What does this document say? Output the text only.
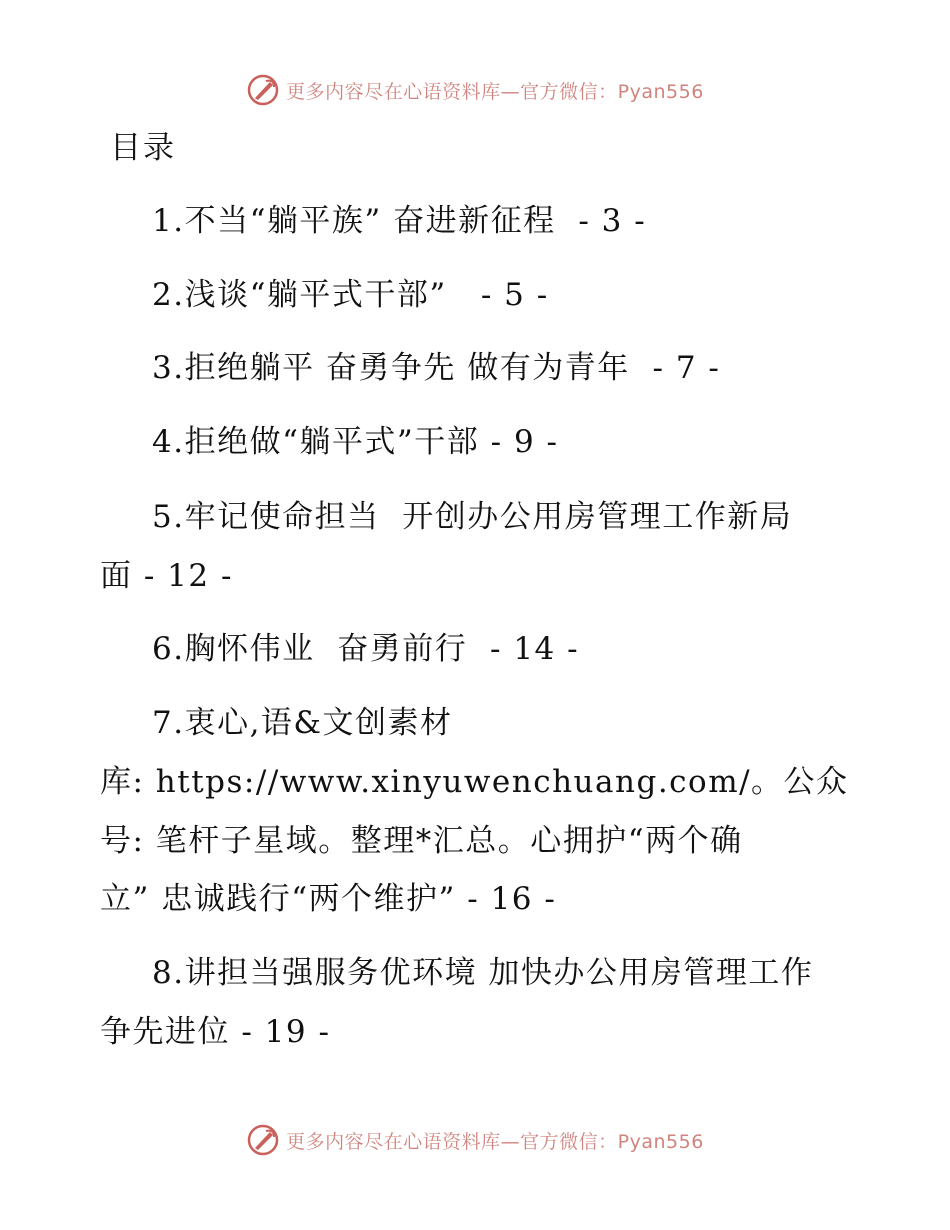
更多内容尽在心语资料库—官方微信：Pyan556
目录
1.不当“躺平族” 奋进新征程  - 3 -
2.浅谈“躺平式干部”   - 5 -
3.拒绝躺平 奋勇争先 做有为青年  - 7 -
4.拒绝做“躺平式”干部 - 9 -
5.牢记使命担当  开创办公用房管理工作新局
面 - 12 -
6.胸怀伟业  奋勇前行  - 14 -
7.衷心,语&文创素材
库: https://www.xinyuwenchuang.com/。公众
号: 笔杆子星域。整理*汇总。心拥护“两个确
立” 忠诚践行“两个维护” - 16 -
8.讲担当强服务优环境 加快办公用房管理工作
争先进位 - 19 -
更多内容尽在心语资料库—官方微信：Pyan556
